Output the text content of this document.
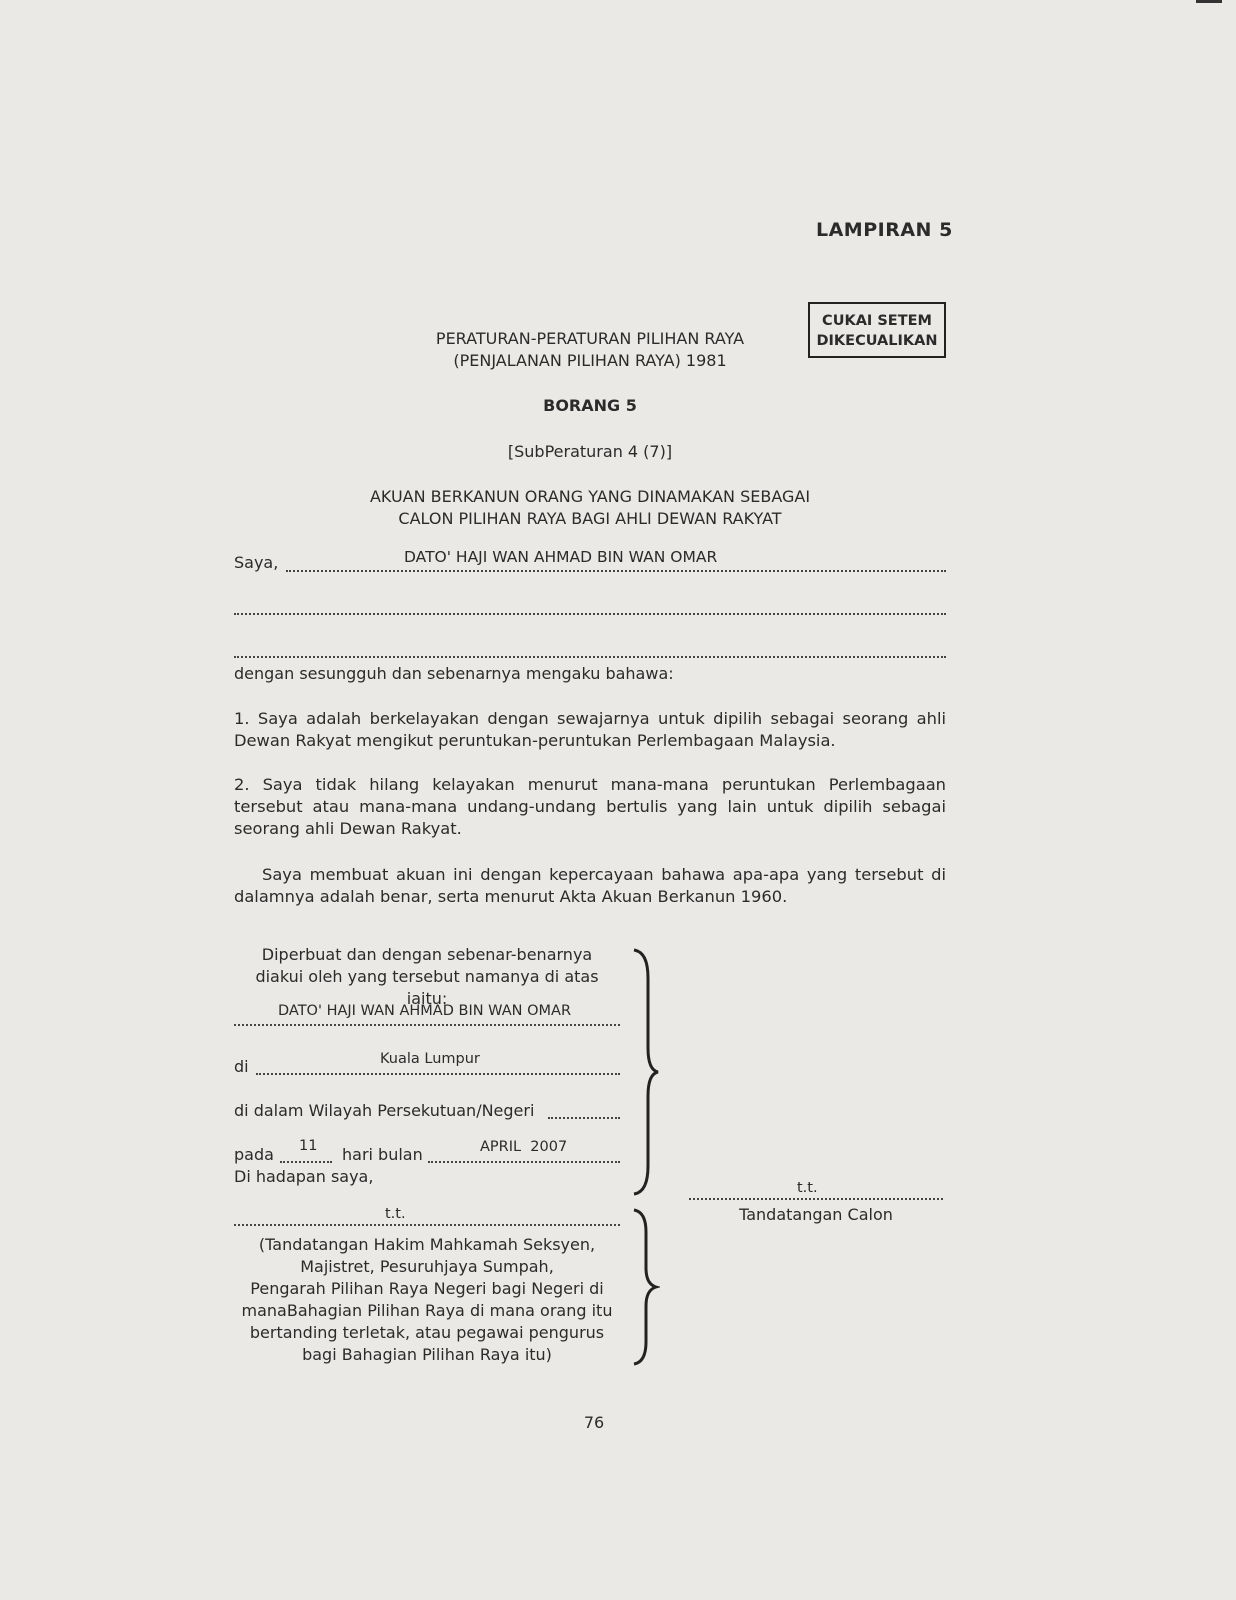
LAMPIRAN 5
CUKAI SETEM
DIKECUALIKAN
PERATURAN-PERATURAN PILIHAN RAYA
(PENJALANAN PILIHAN RAYA) 1981
BORANG 5
[SubPeraturan 4 (7)]
AKUAN BERKANUN ORANG YANG DINAMAKAN SEBAGAI
CALON PILIHAN RAYA BAGI AHLI DEWAN RAKYAT
Saya,	DATO' HAJI WAN AHMAD BIN WAN OMAR
dengan sesungguh dan sebenarnya mengaku bahawa:
1. Saya adalah berkelayakan dengan sewajarnya untuk dipilih sebagai seorang ahli
Dewan Rakyat mengikut peruntukan-peruntukan Perlembagaan Malaysia.
2. Saya tidak hilang kelayakan menurut mana-mana peruntukan Perlembagaan
tersebut atau mana-mana undang-undang bertulis yang lain untuk dipilih sebagai
seorang ahli Dewan Rakyat.
Saya membuat akuan ini dengan kepercayaan bahawa apa-apa yang tersebut di
dalamnya adalah benar, serta menurut Akta Akuan Berkanun 1960.
Diperbuat dan dengan sebenar-benarnya
diakui oleh yang tersebut namanya di atas iaitu:
DATO' HAJI WAN AHMAD BIN WAN OMAR
di	Kuala Lumpur
di dalam Wilayah Persekutuan/Negeri
pada 11 hari bulan	APRIL  2007
Di hadapan saya,
t.t.
(Tandatangan Hakim Mahkamah Seksyen,
Majistret, Pesuruhjaya Sumpah,
Pengarah Pilihan Raya Negeri bagi Negeri di
manaBahagian Pilihan Raya di mana orang itu
bertanding terletak, atau pegawai pengurus
bagi Bahagian Pilihan Raya itu)
t.t.
Tandatangan Calon
76
